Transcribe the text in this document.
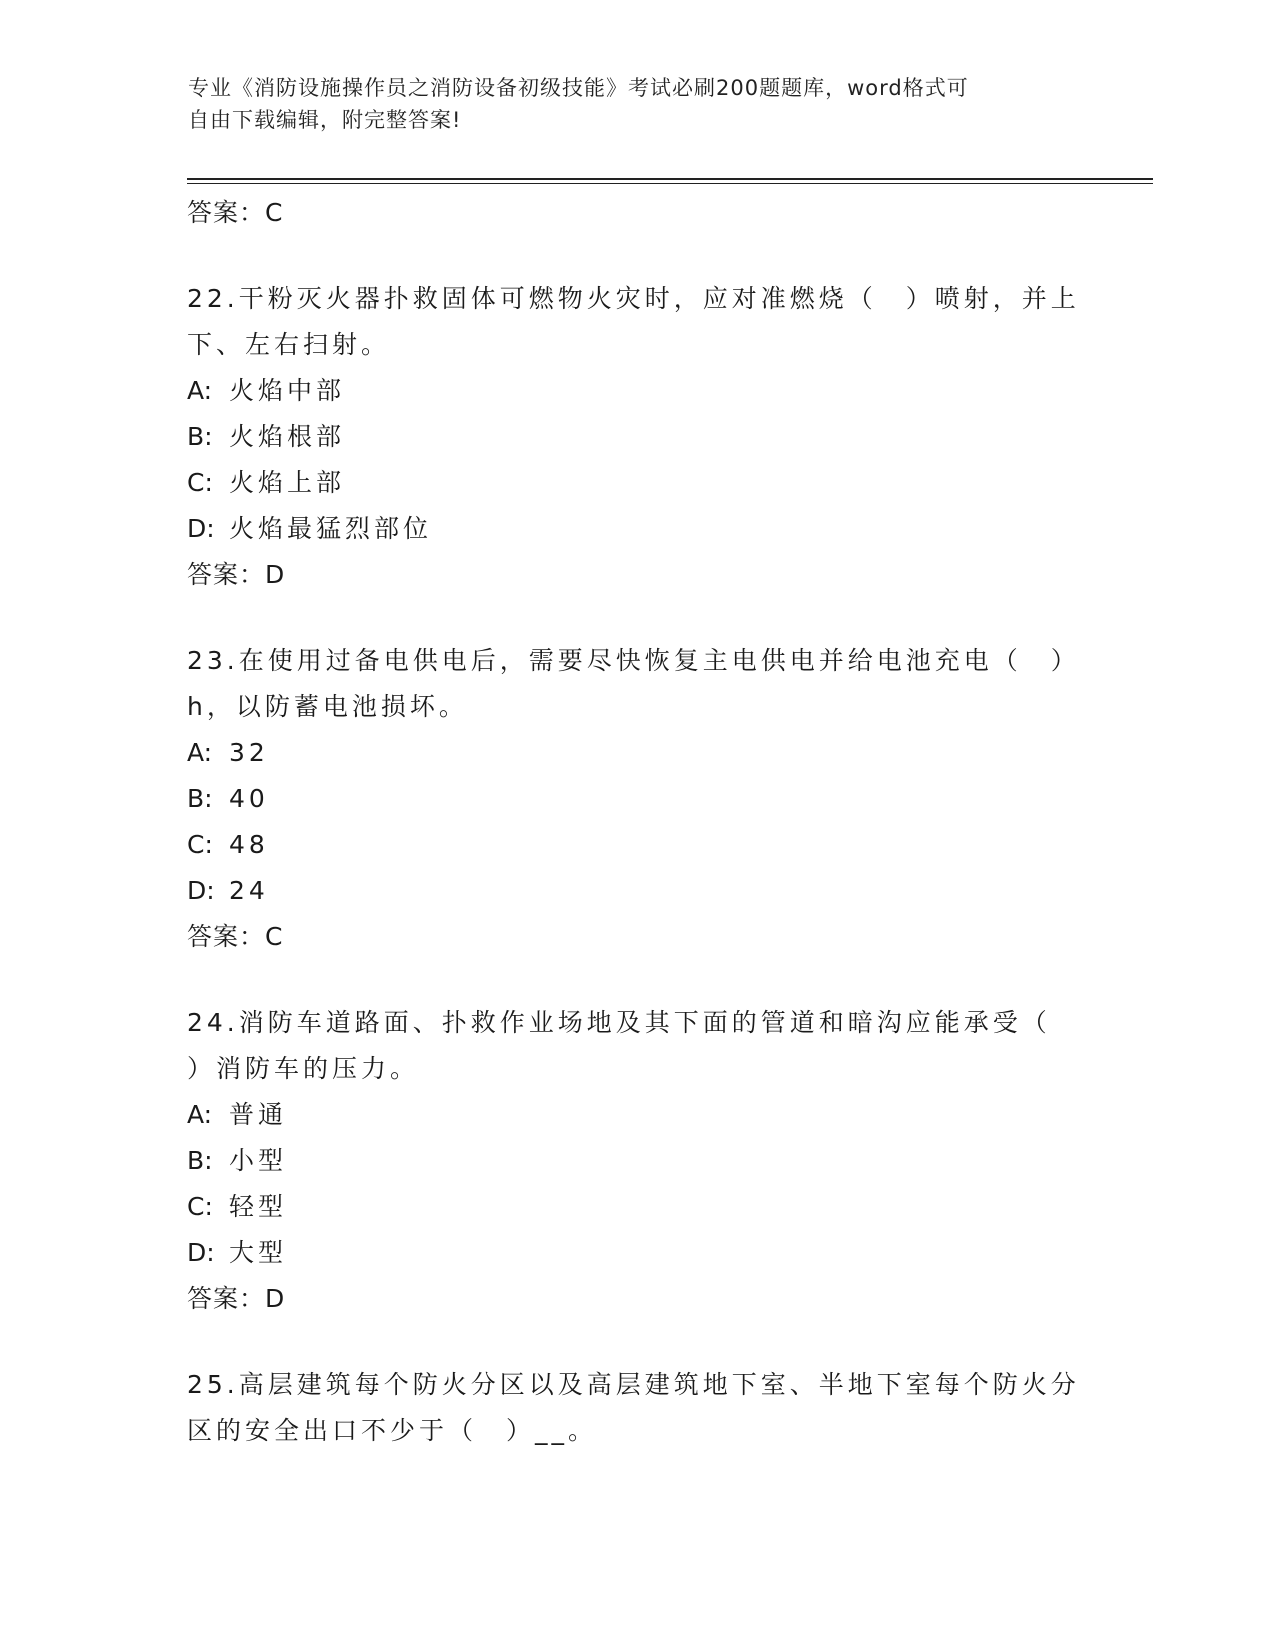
专业《消防设施操作员之消防设备初级技能》考试必刷200题题库，word格式可
自由下载编辑，附完整答案!
答案：C
22.干粉灭火器扑救固体可燃物火灾时，应对准燃烧（　）喷射，并上
下、左右扫射。
A: 火焰中部
B: 火焰根部
C: 火焰上部
D: 火焰最猛烈部位
答案：D
23.在使用过备电供电后，需要尽快恢复主电供电并给电池充电（　）
h，以防蓄电池损坏。
A: 32
B: 40
C: 48
D: 24
答案：C
24.消防车道路面、扑救作业场地及其下面的管道和暗沟应能承受（
）消防车的压力。
A: 普通
B: 小型
C: 轻型
D: 大型
答案：D
25.高层建筑每个防火分区以及高层建筑地下室、半地下室每个防火分
区的安全出口不少于（　）__。
